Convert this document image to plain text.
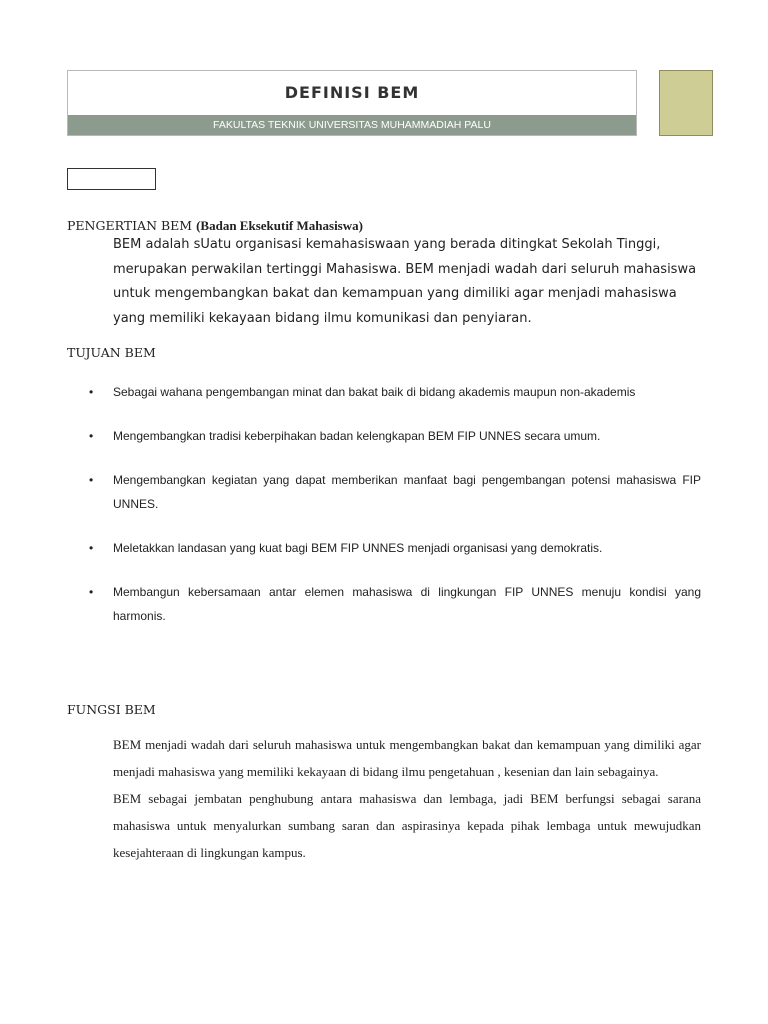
DEFINISI BEM
FAKULTAS TEKNIK UNIVERSITAS MUHAMMADIAH PALU
PENGERTIAN BEM (Badan Eksekutif Mahasiswa)
BEM adalah sUatu organisasi kemahasiswaan yang berada ditingkat Sekolah Tinggi, merupakan perwakilan tertinggi Mahasiswa. BEM menjadi wadah dari seluruh mahasiswa untuk mengembangkan bakat dan kemampuan yang dimiliki agar menjadi mahasiswa yang memiliki kekayaan bidang ilmu komunikasi dan penyiaran.
TUJUAN BEM
• Sebagai wahana pengembangan minat dan bakat baik di bidang akademis maupun non-akademis
• Mengembangkan tradisi keberpihakan badan kelengkapan BEM FIP UNNES secara umum.
• Mengembangkan kegiatan yang dapat memberikan manfaat bagi pengembangan potensi mahasiswa FIP UNNES.
• Meletakkan landasan yang kuat bagi BEM FIP UNNES menjadi organisasi yang demokratis.
• Membangun kebersamaan antar elemen mahasiswa di lingkungan FIP UNNES menuju kondisi yang harmonis.
FUNGSI BEM

BEM menjadi wadah dari seluruh mahasiswa untuk mengembangkan bakat dan kemampuan yang dimiliki agar menjadi mahasiswa yang memiliki kekayaan di bidang ilmu pengetahuan , kesenian dan lain sebagainya.

BEM sebagai jembatan penghubung antara mahasiswa dan lembaga, jadi BEM berfungsi sebagai sarana mahasiswa untuk menyalurkan sumbang saran dan aspirasinya kepada pihak lembaga untuk mewujudkan kesejahteraan di lingkungan kampus.
